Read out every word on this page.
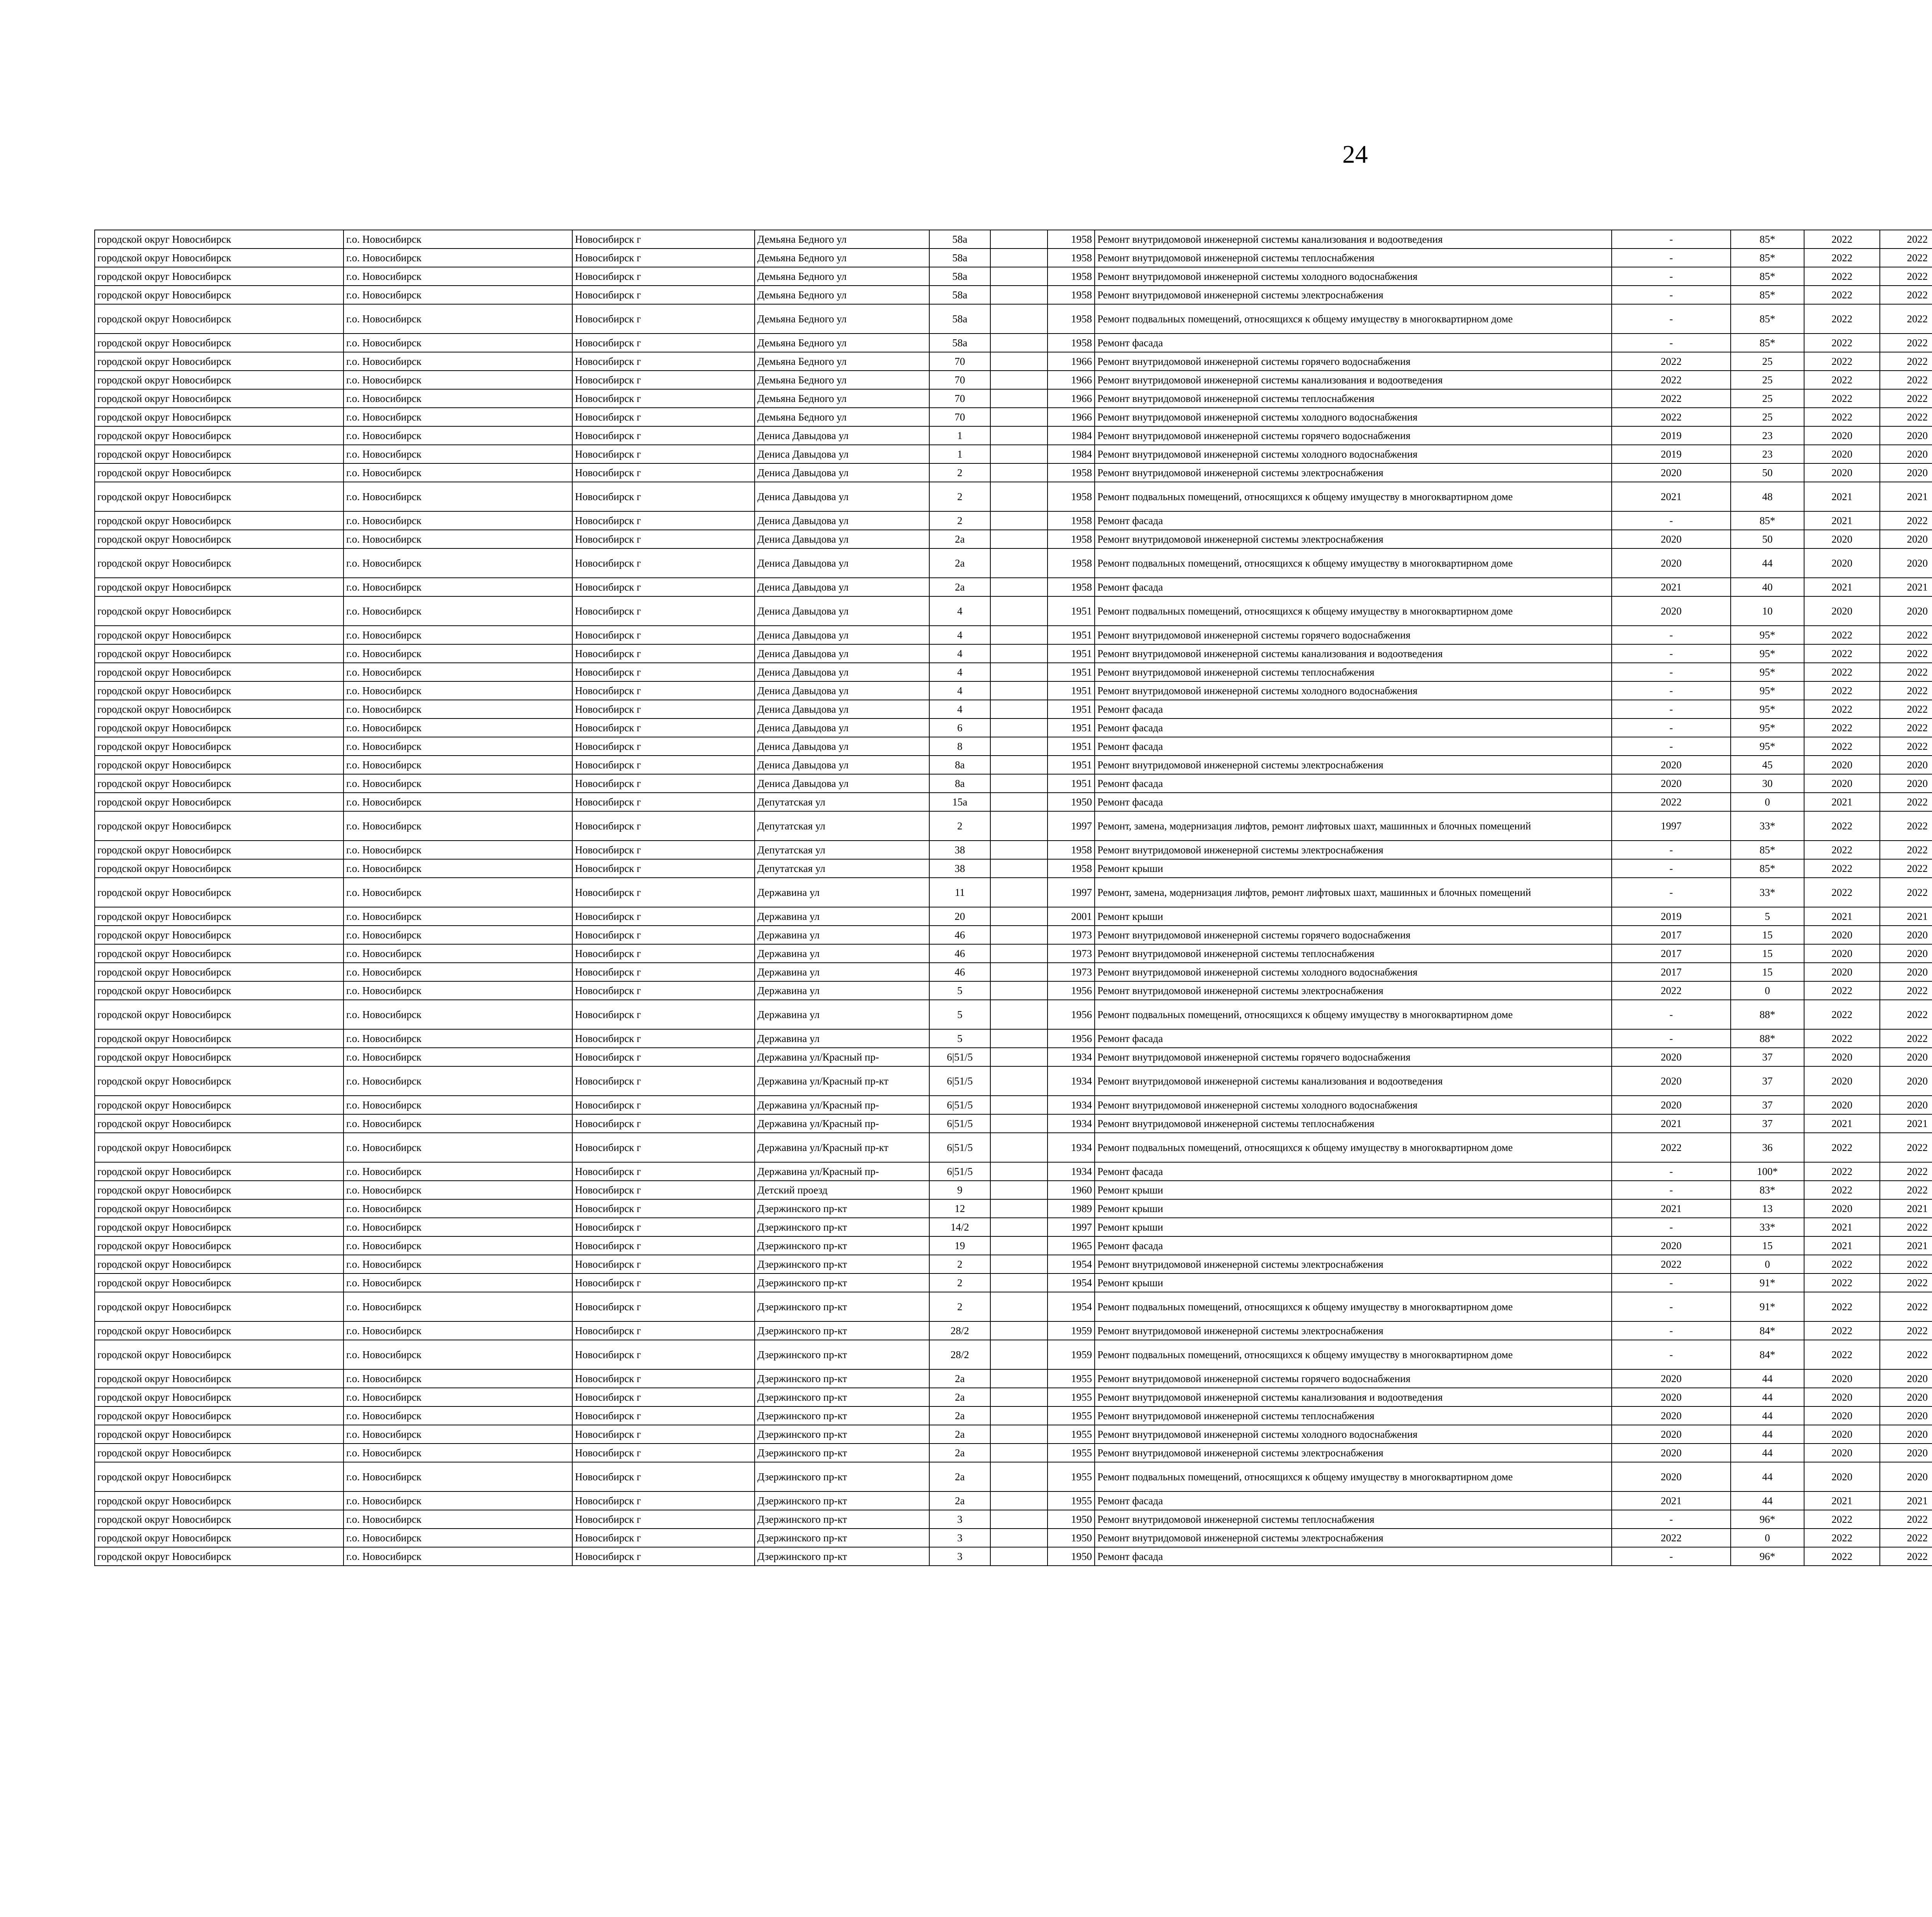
24
городской округ Новосибирск	г.о. Новосибирск	Новосибирск г	Демьяна Бедного ул	58а		1958	Ремонт внутридомовой инженерной системы канализования и водоотведения	-	85*	2022	2022					
городской округ Новосибирск	г.о. Новосибирск	Новосибирск г	Демьяна Бедного ул	58а		1958	Ремонт внутридомовой инженерной системы теплоснабжения	-	85*	2022	2022					
городской округ Новосибирск	г.о. Новосибирск	Новосибирск г	Демьяна Бедного ул	58а		1958	Ремонт внутридомовой инженерной системы холодного водоснабжения	-	85*	2022	2022					
городской округ Новосибирск	г.о. Новосибирск	Новосибирск г	Демьяна Бедного ул	58а		1958	Ремонт внутридомовой инженерной системы электроснабжения	-	85*	2022	2022					
городской округ Новосибирск	г.о. Новосибирск	Новосибирск г	Демьяна Бедного ул	58а		1958	Ремонт подвальных помещений, относящихся к общему имуществу в многоквартирном доме	-	85*	2022	2022					
городской округ Новосибирск	г.о. Новосибирск	Новосибирск г	Демьяна Бедного ул	58а		1958	Ремонт фасада	-	85*	2022	2022					
городской округ Новосибирск	г.о. Новосибирск	Новосибирск г	Демьяна Бедного ул	70		1966	Ремонт внутридомовой инженерной системы горячего водоснабжения	2022	25	2022	2022					
городской округ Новосибирск	г.о. Новосибирск	Новосибирск г	Демьяна Бедного ул	70		1966	Ремонт внутридомовой инженерной системы канализования и водоотведения	2022	25	2022	2022					
городской округ Новосибирск	г.о. Новосибирск	Новосибирск г	Демьяна Бедного ул	70		1966	Ремонт внутридомовой инженерной системы теплоснабжения	2022	25	2022	2022					
городской округ Новосибирск	г.о. Новосибирск	Новосибирск г	Демьяна Бедного ул	70		1966	Ремонт внутридомовой инженерной системы холодного водоснабжения	2022	25	2022	2022					
городской округ Новосибирск	г.о. Новосибирск	Новосибирск г	Дениса Давыдова ул	1		1984	Ремонт внутридомовой инженерной системы горячего водоснабжения	2019	23	2020	2020					
городской округ Новосибирск	г.о. Новосибирск	Новосибирск г	Дениса Давыдова ул	1		1984	Ремонт внутридомовой инженерной системы холодного водоснабжения	2019	23	2020	2020					
городской округ Новосибирск	г.о. Новосибирск	Новосибирск г	Дениса Давыдова ул	2		1958	Ремонт внутридомовой инженерной системы электроснабжения	2020	50	2020	2020					
городской округ Новосибирск	г.о. Новосибирск	Новосибирск г	Дениса Давыдова ул	2		1958	Ремонт подвальных помещений, относящихся к общему имуществу в многоквартирном доме	2021	48	2021	2021					
городской округ Новосибирск	г.о. Новосибирск	Новосибирск г	Дениса Давыдова ул	2		1958	Ремонт фасада	-	85*	2021	2022					
городской округ Новосибирск	г.о. Новосибирск	Новосибирск г	Дениса Давыдова ул	2а		1958	Ремонт внутридомовой инженерной системы электроснабжения	2020	50	2020	2020					
городской округ Новосибирск	г.о. Новосибирск	Новосибирск г	Дениса Давыдова ул	2а		1958	Ремонт подвальных помещений, относящихся к общему имуществу в многоквартирном доме	2020	44	2020	2020					
городской округ Новосибирск	г.о. Новосибирск	Новосибирск г	Дениса Давыдова ул	2а		1958	Ремонт фасада	2021	40	2021	2021					
городской округ Новосибирск	г.о. Новосибирск	Новосибирск г	Дениса Давыдова ул	4		1951	Ремонт подвальных помещений, относящихся к общему имуществу в многоквартирном доме	2020	10	2020	2020					
городской округ Новосибирск	г.о. Новосибирск	Новосибирск г	Дениса Давыдова ул	4		1951	Ремонт внутридомовой инженерной системы горячего водоснабжения	-	95*	2022	2022					
городской округ Новосибирск	г.о. Новосибирск	Новосибирск г	Дениса Давыдова ул	4		1951	Ремонт внутридомовой инженерной системы канализования и водоотведения	-	95*	2022	2022					
городской округ Новосибирск	г.о. Новосибирск	Новосибирск г	Дениса Давыдова ул	4		1951	Ремонт внутридомовой инженерной системы теплоснабжения	-	95*	2022	2022					
городской округ Новосибирск	г.о. Новосибирск	Новосибирск г	Дениса Давыдова ул	4		1951	Ремонт внутридомовой инженерной системы холодного водоснабжения	-	95*	2022	2022					
городской округ Новосибирск	г.о. Новосибирск	Новосибирск г	Дениса Давыдова ул	4		1951	Ремонт фасада	-	95*	2022	2022					
городской округ Новосибирск	г.о. Новосибирск	Новосибирск г	Дениса Давыдова ул	6		1951	Ремонт фасада	-	95*	2022	2022					
городской округ Новосибирск	г.о. Новосибирск	Новосибирск г	Дениса Давыдова ул	8		1951	Ремонт фасада	-	95*	2022	2022					
городской округ Новосибирск	г.о. Новосибирск	Новосибирск г	Дениса Давыдова ул	8а		1951	Ремонт внутридомовой инженерной системы электроснабжения	2020	45	2020	2020					
городской округ Новосибирск	г.о. Новосибирск	Новосибирск г	Дениса Давыдова ул	8а		1951	Ремонт фасада	2020	30	2020	2020					
городской округ Новосибирск	г.о. Новосибирск	Новосибирск г	Депутатская ул	15а		1950	Ремонт фасада	2022	0	2021	2022					
городской округ Новосибирск	г.о. Новосибирск	Новосибирск г	Депутатская ул	2		1997	Ремонт, замена, модернизация лифтов, ремонт лифтовых шахт, машинных и блочных помещений	1997	33*	2022	2022					
городской округ Новосибирск	г.о. Новосибирск	Новосибирск г	Депутатская ул	38		1958	Ремонт внутридомовой инженерной системы электроснабжения	-	85*	2022	2022					
городской округ Новосибирск	г.о. Новосибирск	Новосибирск г	Депутатская ул	38		1958	Ремонт крыши	-	85*	2022	2022					
городской округ Новосибирск	г.о. Новосибирск	Новосибирск г	Державина ул	11		1997	Ремонт, замена, модернизация лифтов, ремонт лифтовых шахт, машинных и блочных помещений	-	33*	2022	2022					
городской округ Новосибирск	г.о. Новосибирск	Новосибирск г	Державина ул	20		2001	Ремонт крыши	2019	5	2021	2021					
городской округ Новосибирск	г.о. Новосибирск	Новосибирск г	Державина ул	46		1973	Ремонт внутридомовой инженерной системы горячего водоснабжения	2017	15	2020	2020					
городской округ Новосибирск	г.о. Новосибирск	Новосибирск г	Державина ул	46		1973	Ремонт внутридомовой инженерной системы теплоснабжения	2017	15	2020	2020					
городской округ Новосибирск	г.о. Новосибирск	Новосибирск г	Державина ул	46		1973	Ремонт внутридомовой инженерной системы холодного водоснабжения	2017	15	2020	2020					
городской округ Новосибирск	г.о. Новосибирск	Новосибирск г	Державина ул	5		1956	Ремонт внутридомовой инженерной системы электроснабжения	2022	0	2022	2022					
городской округ Новосибирск	г.о. Новосибирск	Новосибирск г	Державина ул	5		1956	Ремонт подвальных помещений, относящихся к общему имуществу в многоквартирном доме	-	88*	2022	2022					
городской округ Новосибирск	г.о. Новосибирск	Новосибирск г	Державина ул	5		1956	Ремонт фасада	-	88*	2022	2022					
городской округ Новосибирск	г.о. Новосибирск	Новосибирск г	Державина ул/Красный пр-	6|51/5		1934	Ремонт внутридомовой инженерной системы горячего водоснабжения	2020	37	2020	2020					
городской округ Новосибирск	г.о. Новосибирск	Новосибирск г	Державина ул/Красный пр-кт	6|51/5		1934	Ремонт внутридомовой инженерной системы канализования и водоотведения	2020	37	2020	2020					
городской округ Новосибирск	г.о. Новосибирск	Новосибирск г	Державина ул/Красный пр-	6|51/5		1934	Ремонт внутридомовой инженерной системы холодного водоснабжения	2020	37	2020	2020					
городской округ Новосибирск	г.о. Новосибирск	Новосибирск г	Державина ул/Красный пр-	6|51/5		1934	Ремонт внутридомовой инженерной системы теплоснабжения	2021	37	2021	2021					
городской округ Новосибирск	г.о. Новосибирск	Новосибирск г	Державина ул/Красный пр-кт	6|51/5		1934	Ремонт подвальных помещений, относящихся к общему имуществу в многоквартирном доме	2022	36	2022	2022					
городской округ Новосибирск	г.о. Новосибирск	Новосибирск г	Державина ул/Красный пр-	6|51/5		1934	Ремонт фасада	-	100*	2022	2022					
городской округ Новосибирск	г.о. Новосибирск	Новосибирск г	Детский проезд	9		1960	Ремонт крыши	-	83*	2022	2022					
городской округ Новосибирск	г.о. Новосибирск	Новосибирск г	Дзержинского пр-кт	12		1989	Ремонт крыши	2021	13	2020	2021					
городской округ Новосибирск	г.о. Новосибирск	Новосибирск г	Дзержинского пр-кт	14/2		1997	Ремонт крыши	-	33*	2021	2022					
городской округ Новосибирск	г.о. Новосибирск	Новосибирск г	Дзержинского пр-кт	19		1965	Ремонт фасада	2020	15	2021	2021					
городской округ Новосибирск	г.о. Новосибирск	Новосибирск г	Дзержинского пр-кт	2		1954	Ремонт внутридомовой инженерной системы электроснабжения	2022	0	2022	2022					
городской округ Новосибирск	г.о. Новосибирск	Новосибирск г	Дзержинского пр-кт	2		1954	Ремонт крыши	-	91*	2022	2022					
городской округ Новосибирск	г.о. Новосибирск	Новосибирск г	Дзержинского пр-кт	2		1954	Ремонт подвальных помещений, относящихся к общему имуществу в многоквартирном доме	-	91*	2022	2022					
городской округ Новосибирск	г.о. Новосибирск	Новосибирск г	Дзержинского пр-кт	28/2		1959	Ремонт внутридомовой инженерной системы электроснабжения	-	84*	2022	2022					
городской округ Новосибирск	г.о. Новосибирск	Новосибирск г	Дзержинского пр-кт	28/2		1959	Ремонт подвальных помещений, относящихся к общему имуществу в многоквартирном доме	-	84*	2022	2022					
городской округ Новосибирск	г.о. Новосибирск	Новосибирск г	Дзержинского пр-кт	2а		1955	Ремонт внутридомовой инженерной системы горячего водоснабжения	2020	44	2020	2020					
городской округ Новосибирск	г.о. Новосибирск	Новосибирск г	Дзержинского пр-кт	2а		1955	Ремонт внутридомовой инженерной системы канализования и водоотведения	2020	44	2020	2020					
городской округ Новосибирск	г.о. Новосибирск	Новосибирск г	Дзержинского пр-кт	2а		1955	Ремонт внутридомовой инженерной системы теплоснабжения	2020	44	2020	2020					
городской округ Новосибирск	г.о. Новосибирск	Новосибирск г	Дзержинского пр-кт	2а		1955	Ремонт внутридомовой инженерной системы холодного водоснабжения	2020	44	2020	2020					
городской округ Новосибирск	г.о. Новосибирск	Новосибирск г	Дзержинского пр-кт	2а		1955	Ремонт внутридомовой инженерной системы электроснабжения	2020	44	2020	2020					
городской округ Новосибирск	г.о. Новосибирск	Новосибирск г	Дзержинского пр-кт	2а		1955	Ремонт подвальных помещений, относящихся к общему имуществу в многоквартирном доме	2020	44	2020	2020					
городской округ Новосибирск	г.о. Новосибирск	Новосибирск г	Дзержинского пр-кт	2а		1955	Ремонт фасада	2021	44	2021	2021					
городской округ Новосибирск	г.о. Новосибирск	Новосибирск г	Дзержинского пр-кт	3		1950	Ремонт внутридомовой инженерной системы теплоснабжения	-	96*	2022	2022					
городской округ Новосибирск	г.о. Новосибирск	Новосибирск г	Дзержинского пр-кт	3		1950	Ремонт внутридомовой инженерной системы электроснабжения	2022	0	2022	2022					
городской округ Новосибирск	г.о. Новосибирск	Новосибирск г	Дзержинского пр-кт	3		1950	Ремонт фасада	-	96*	2022	2022					
